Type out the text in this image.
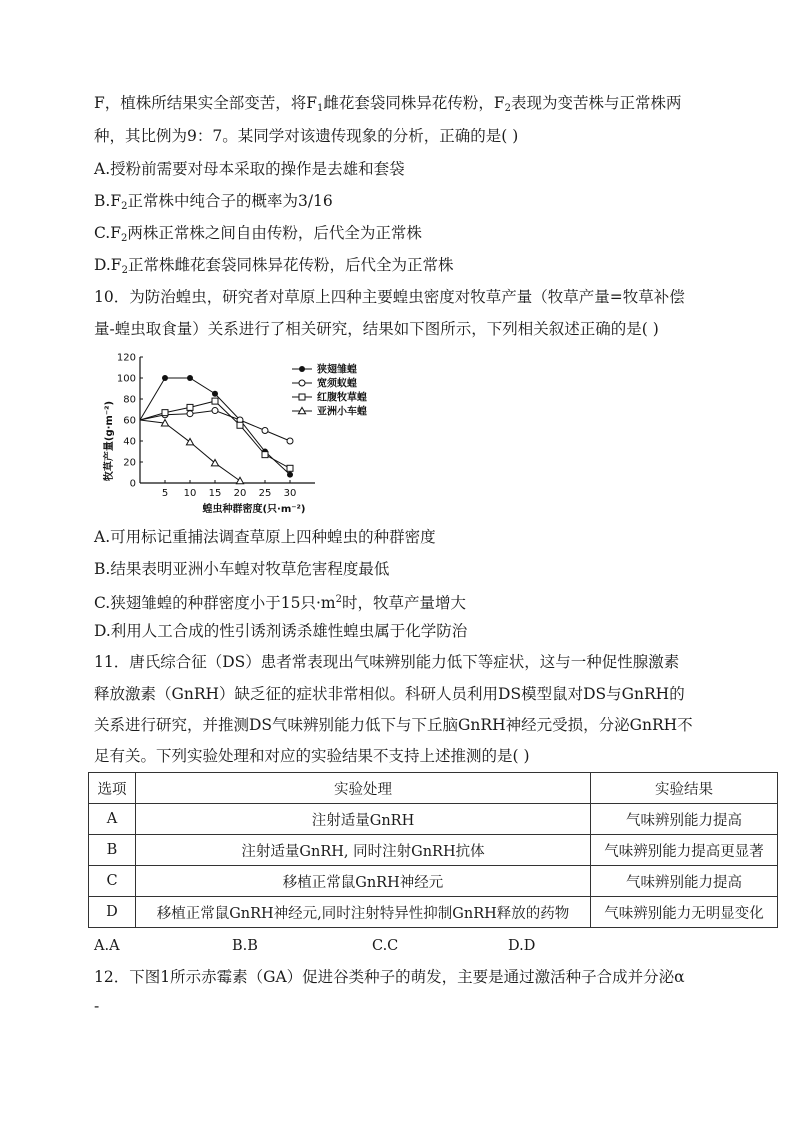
F，植株所结果实全部变苦，将$F_1$雌花套袋同株异花传粉，$F_2$表现为变苦株与正常株两
种，其比例为9：7。某同学对该遗传现象的分析，正确的是( )
A.授粉前需要对母本采取的操作是去雄和套袋
$B.F_2$正常株中纯合子的概率为3/16
$C.F_2$两株正常株之间自由传粉，后代全为正常株
$D.F_2$正常株雌花套袋同株异花传粉，后代全为正常株
10．为防治蝗虫，研究者对草原上四种主要蝗虫密度对牧草产量（牧草产量=牧草补偿
量-蝗虫取食量）关系进行了相关研究，结果如下图所示，下列相关叙述正确的是( )
0
20
40
60
80
100
120
5 10 15 20 25 30
狭翅雏蝗
宽须蚁蝗
红腹牧草蝗
亚洲小车蝗
牧草产量(g·m⁻²)
蝗虫种群密度(只·m⁻²)
A.可用标记重捕法调查草原上四种蝗虫的种群密度
B.结果表明亚洲小车蝗对牧草危害程度最低
C.狭翅雏蝗的种群密度小于15只$\cdot m^2$时，牧草产量增大
D.利用人工合成的性引诱剂诱杀雄性蝗虫属于化学防治
11．唐氏综合征（DS）患者常表现出气味辨别能力低下等症状，这与一种促性腺激素
释放激素（GnRH）缺乏征的症状非常相似。科研人员利用DS模型鼠对DS与GnRH的
关系进行研究，并推测DS气味辨别能力低下与下丘脑GnRH神经元受损，分泌GnRH不
足有关。下列实验处理和对应的实验结果不支持上述推测的是( )
选项	实验处理	实验结果
A	注射适量GnRH	气味辨别能力提高
B	注射适量GnRH, 同时注射GnRH抗体	气味辨别能力提高更显著
C	移植正常鼠GnRH神经元	气味辨别能力提高
D	移植正常鼠GnRH神经元,同时注射特异性抑制GnRH释放的药物	气味辨别能力无明显变化
A.A	B.B	C.C	D.D
12．下图1所示赤霉素（GA）促进谷类种子的萌发，主要是通过激活种子合成并分泌α
-
